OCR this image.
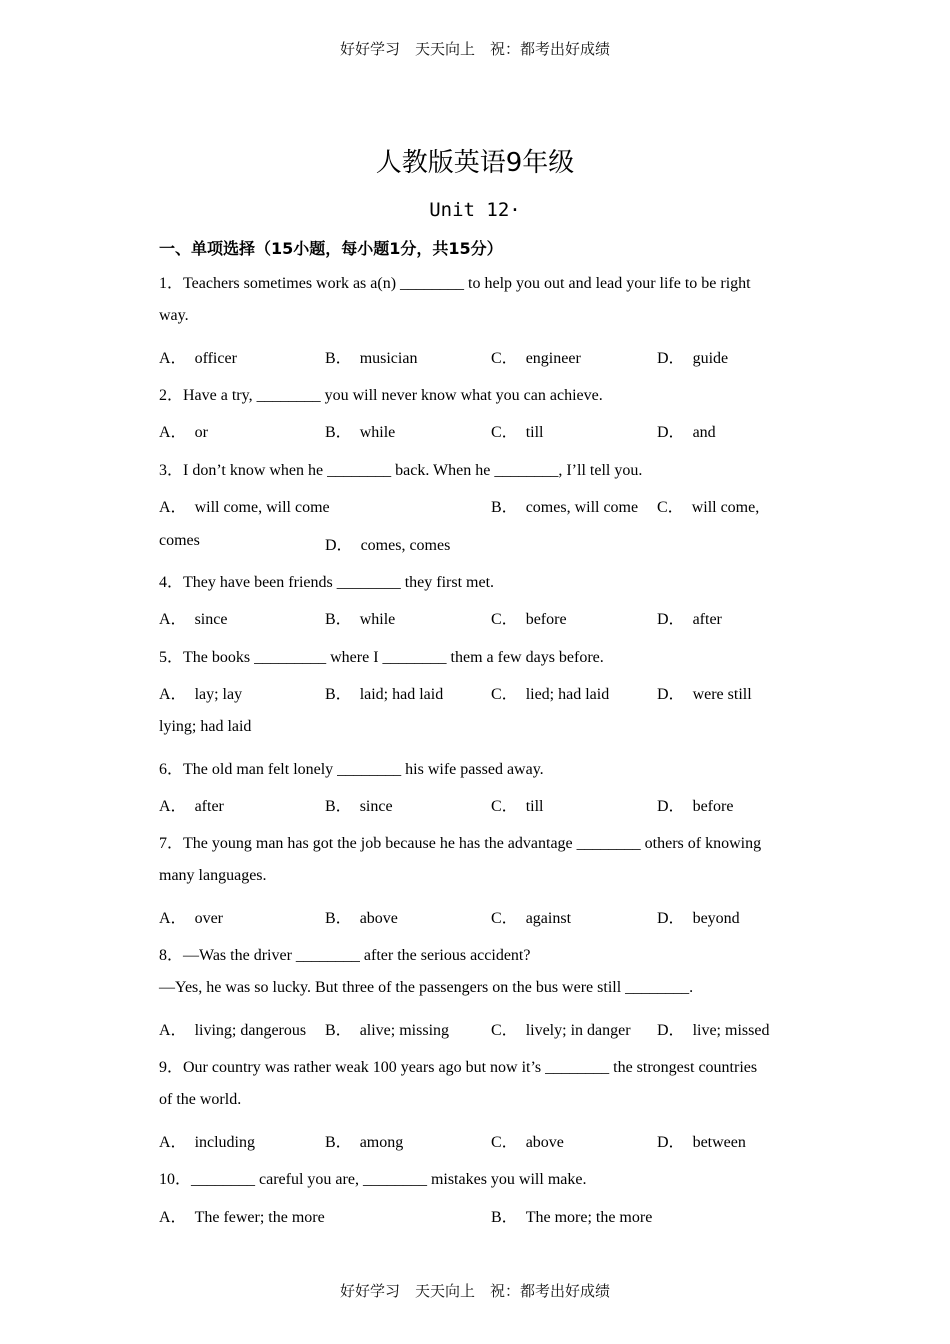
好好学习　天天向上　祝：都考出好成绩
人教版英语9年级
Unit 12·
一、单项选择（15小题，每小题1分，共15分）
1．Teachers sometimes work as a(n) ________ to help you out and lead your life to be right
way.
A． officer	B． musician	C． engineer	D． guide
2．Have a try, ________ you will never know what you can achieve.
A． or	B． while	C． till	D． and
3．I don’t know when he ________ back. When he ________, I’ll tell you.
A． will come, will come	B． comes, will come C． will come,
comes	D． comes, comes
4．They have been friends ________ they first met.
A． since	B． while	C． before	D． after
5．The books _________ where I ________ them a few days before.
A． lay; lay	B． laid; had laid	C． lied; had laid	D． were still
lying; had laid
6．The old man felt lonely ________ his wife passed away.
A． after	B． since	C． till	D． before
7．The young man has got the job because he has the advantage ________ others of knowing
many languages.
A． over	B． above	C． against	D． beyond
8．—Was the driver ________ after the serious accident?
—Yes, he was so lucky. But three of the passengers on the bus were still ________.
A． living; dangerous B． alive; missing	C． lively; in danger D． live; missed
9．Our country was rather weak 100 years ago but now it’s ________ the strongest countries
of the world.
A． including	B． among	C． above	D． between
10．________ careful you are, ________ mistakes you will make.
A． The fewer; the more	B． The more; the more
好好学习　天天向上　祝：都考出好成绩
